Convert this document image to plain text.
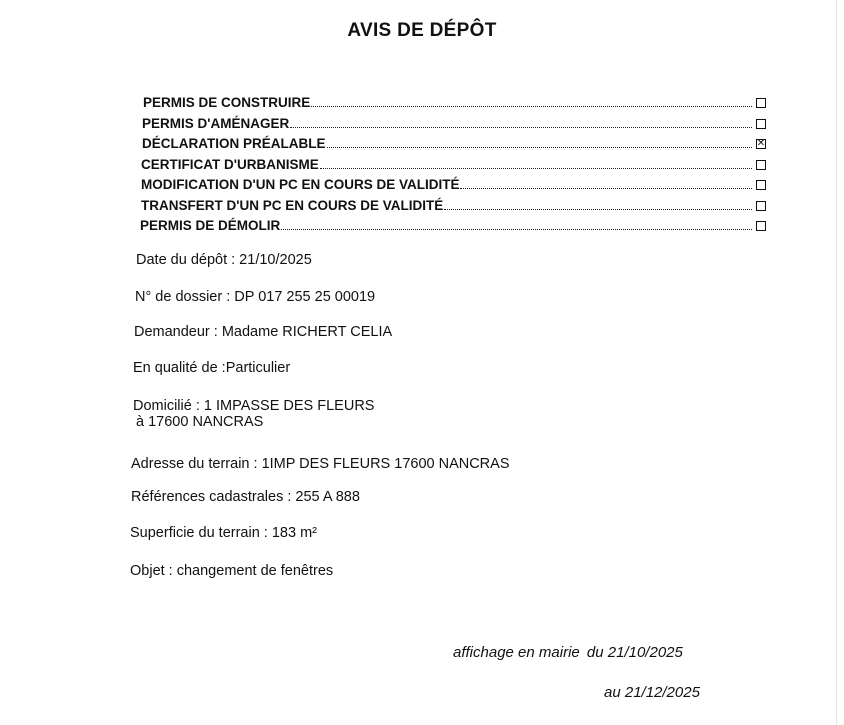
AVIS DE DÉPÔT
PERMIS DE CONSTRUIRE
PERMIS D'AMÉNAGER
DÉCLARATION PRÉALABLE
✕
CERTIFICAT D'URBANISME
MODIFICATION D'UN PC EN COURS DE VALIDITÉ
TRANSFERT D'UN PC EN COURS DE VALIDITÉ
PERMIS DE DÉMOLIR
Date du dépôt : 21/10/2025
N° de dossier : DP 017 255 25 00019
Demandeur : Madame RICHERT CELIA
En qualité de :Particulier
Domicilié : 1 IMPASSE DES FLEURS
à 17600 NANCRAS
Adresse du terrain : 1IMP DES FLEURS 17600 NANCRAS
Références cadastrales : 255 A 888
Superficie du terrain : 183 m²
Objet : changement de fenêtres
affichage en mairie du 21/10/2025
au 21/12/2025
